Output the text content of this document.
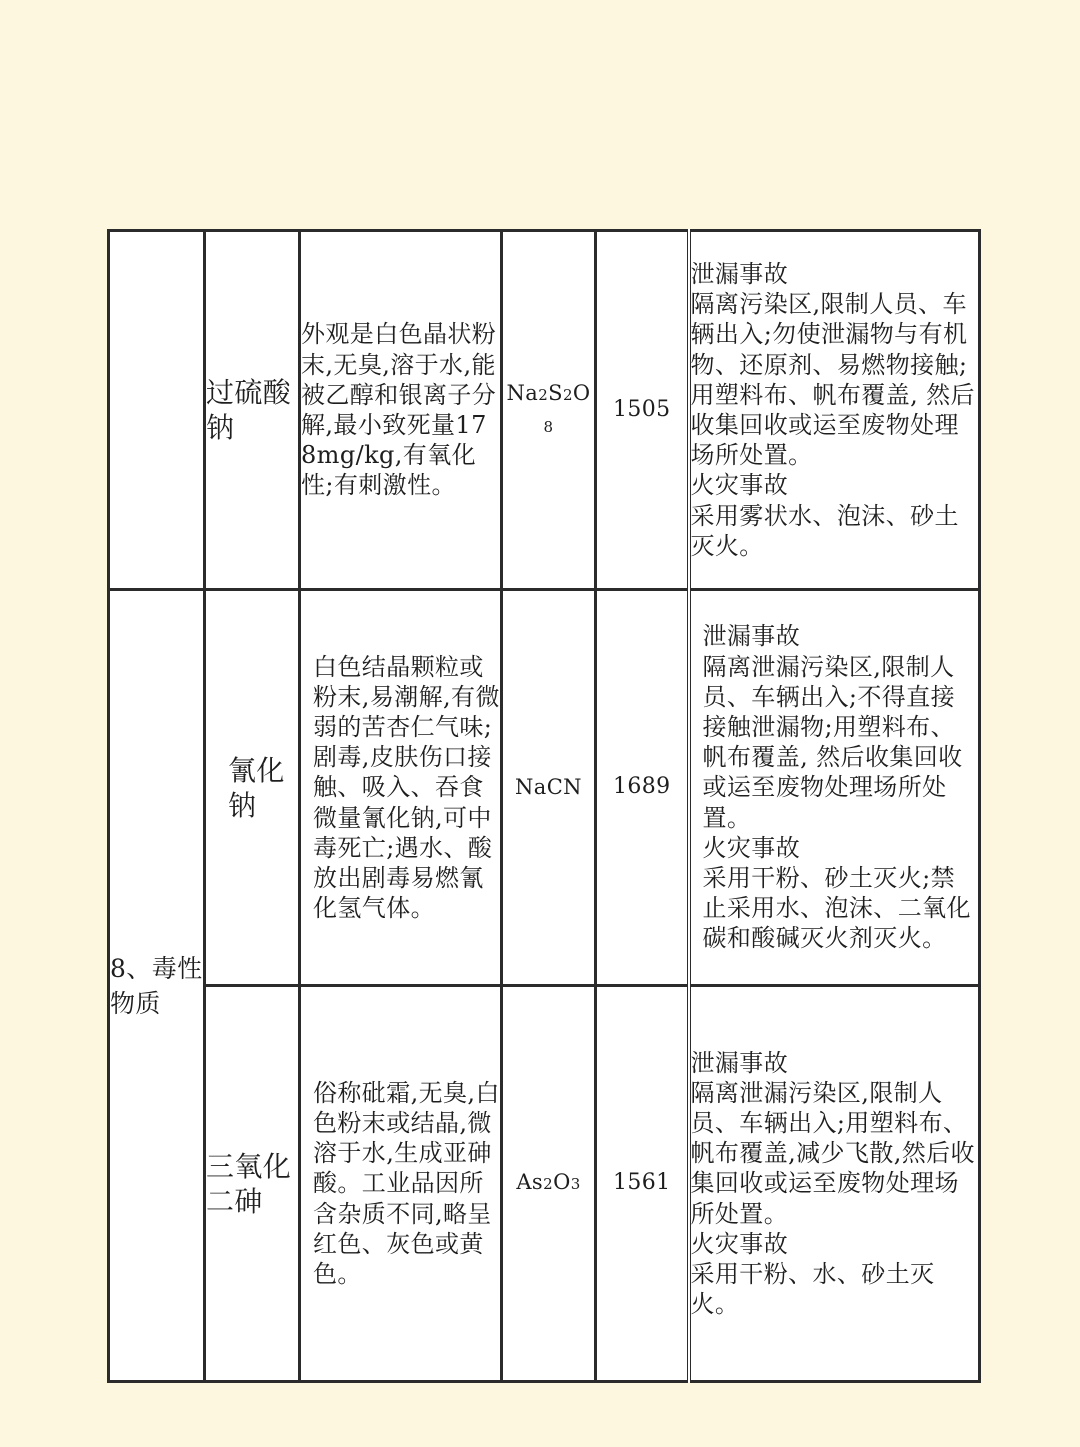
	过硫酸钠	外观是白色晶状粉末,无臭,溶于水,能被乙醇和银离子分解,最小致死量178mg/kg,有氧化性;有刺激性。	Na2S2O8	1505	泄漏事故
隔离污染区,限制人员、车辆出入;勿使泄漏物与有机物、还原剂、易燃物接触;用塑料布、帆布覆盖, 然后收集回收或运至废物处理场所处置。
火灾事故
采用雾状水、泡沫、砂土灭火。

8、毒性物质	氰化钠	白色结晶颗粒或粉末,易潮解,有微弱的苦杏仁气味;剧毒,皮肤伤口接触、吸入、吞食微量氰化钠,可中毒死亡;遇水、酸放出剧毒易燃氰化氢气体。	NaCN	1689	泄漏事故
隔离泄漏污染区,限制人员、车辆出入;不得直接接触泄漏物;用塑料布、帆布覆盖, 然后收集回收或运至废物处理场所处置。
火灾事故
采用干粉、砂土灭火;禁止采用水、泡沫、二氧化碳和酸碱灭火剂灭火。

	三氧化二砷	俗称砒霜,无臭,白色粉末或结晶,微溶于水,生成亚砷酸。工业品因所含杂质不同,略呈红色、灰色或黄色。	As2O3	1561	泄漏事故
隔离泄漏污染区,限制人员、车辆出入;用塑料布、帆布覆盖,减少飞散,然后收集回收或运至废物处理场所处置。
火灾事故
采用干粉、水、砂土灭火。
